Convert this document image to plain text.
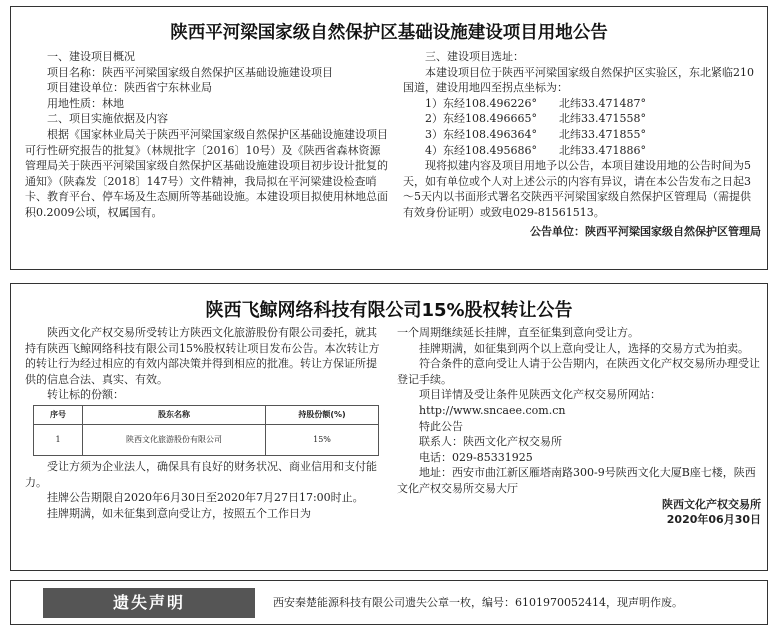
陕西平河梁国家级自然保护区基础设施建设项目用地公告

一、建设项目概况

项目名称：陕西平河梁国家级自然保护区基础设施建设项目

项目建设单位：陕西省宁东林业局

用地性质：林地

二、项目实施依据及内容

根据《国家林业局关于陕西平河梁国家级自然保护区基础设施建设项目可行性研究报告的批复》（林规批字〔2016〕10号）及《陕西省森林资源管理局关于陕西平河梁国家级自然保护区基础设施建设项目初步设计批复的通知》（陕森发〔2018〕147号）文件精神，我局拟在平河梁建设检查哨卡、教育平台、停车场及生态厕所等基础设施。本建设项目拟使用林地总面积0.2009公顷，权属国有。

三、建设项目选址：

本建设项目位于陕西平河梁国家级自然保护区实验区，东北紧临210国道，建设用地四至拐点坐标为：

1）东经108.496226°　　北纬33.471487°

2）东经108.496665°　　北纬33.471558°

3）东经108.496364°　　北纬33.471855°

4）东经108.495686°　　北纬33.471886°

现将拟建内容及项目用地予以公告，本项目建设用地的公告时间为5天，如有单位或个人对上述公示的内容有异议，请在本公告发布之日起3～5天内以书面形式署名交陕西平河梁国家级自然保护区管理局（需提供有效身份证明）或致电029-81561513。

公告单位：陕西平河梁国家级自然保护区管理局

陕西飞鲸网络科技有限公司15%股权转让公告

陕西文化产权交易所受转让方陕西文化旅游股份有限公司委托，就其持有陕西飞鲸网络科技有限公司15%股权转让项目发布公告。本次转让方的转让行为经过相应的有效内部决策并得到相应的批准。转让方保证所提供的信息合法、真实、有效。

转让标的份额：

序号	股东名称	持股份额(%)
1	陕西文化旅游股份有限公司	15%

受让方须为企业法人，确保具有良好的财务状况、商业信用和支付能力。

挂牌公告期限自2020年6月30日至2020年7月27日17:00时止。

挂牌期满，如未征集到意向受让方，按照五个工作日为

一个周期继续延长挂牌，直至征集到意向受让方。

挂牌期满，如征集到两个以上意向受让人，选择的交易方式为拍卖。

符合条件的意向受让人请于公告期内，在陕西文化产权交易所办理受让登记手续。

项目详情及受让条件见陕西文化产权交易所网站：

http://www.sncaee.com.cn

特此公告

联系人：陕西文化产权交易所

电话：029-85331925

地址：西安市曲江新区雁塔南路300-9号陕西文化大厦B座七楼，陕西文化产权交易所交易大厅

陕西文化产权交易所

2020年06月30日

遗失声明	西安秦楚能源科技有限公司遗失公章一枚，编号：6101970052414，现声明作废。
